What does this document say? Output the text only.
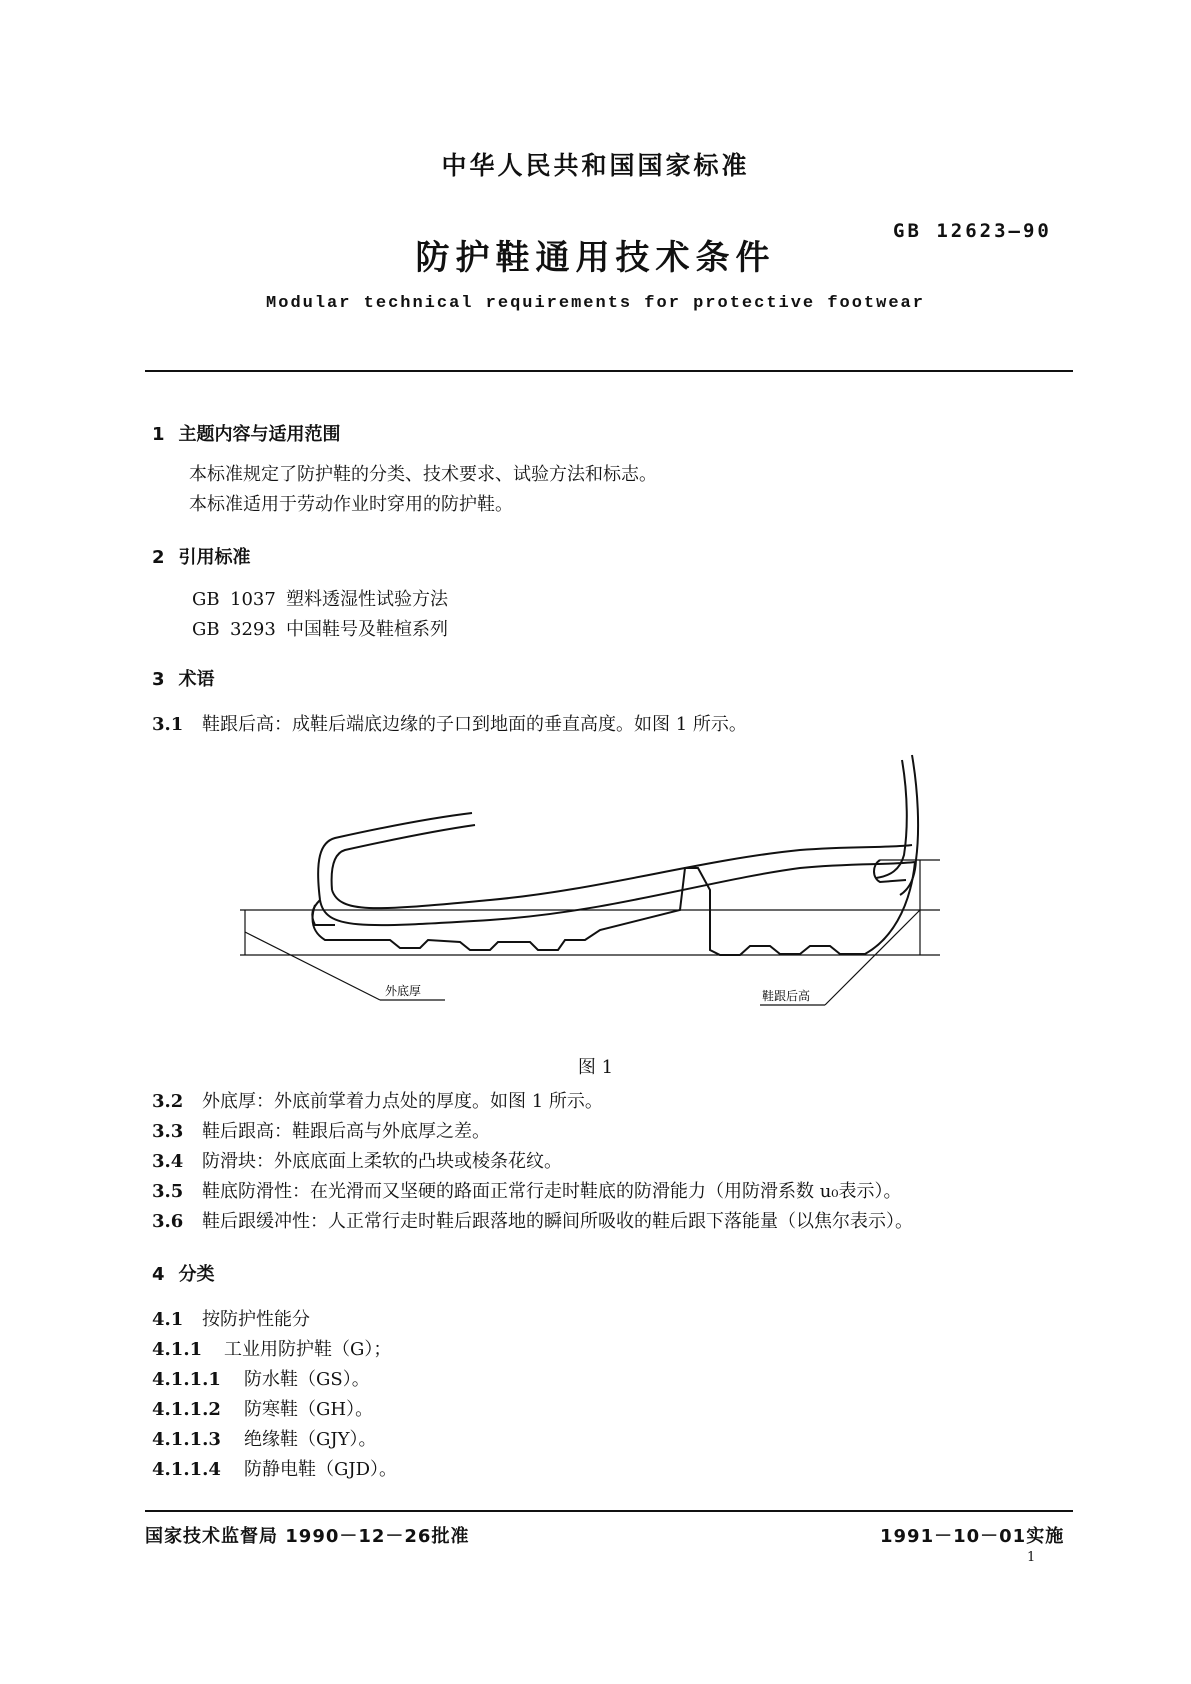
中华人民共和国国家标准
防护鞋通用技术条件
GB 12623—90
Modular technical requirements for protective footwear
1 主题内容与适用范围
本标准规定了防护鞋的分类、技术要求、试验方法和标志。
本标准适用于劳动作业时穿用的防护鞋。
2 引用标准
GB 1037 塑料透湿性试验方法
GB 3293 中国鞋号及鞋楦系列
3 术语
3.1 鞋跟后高：成鞋后端底边缘的子口到地面的垂直高度。如图 1 所示。
外底厚	鞋跟后高
图 1
3.2 外底厚：外底前掌着力点处的厚度。如图 1 所示。
3.3 鞋后跟高：鞋跟后高与外底厚之差。
3.4 防滑块：外底底面上柔软的凸块或棱条花纹。
3.5 鞋底防滑性：在光滑而又坚硬的路面正常行走时鞋底的防滑能力（用防滑系数 u₀表示）。
3.6 鞋后跟缓冲性：人正常行走时鞋后跟落地的瞬间所吸收的鞋后跟下落能量（以焦尔表示）。
4 分类
4.1 按防护性能分
4.1.1 工业用防护鞋（G）；
4.1.1.1 防水鞋（GS）。
4.1.1.2 防寒鞋（GH）。
4.1.1.3 绝缘鞋（GJY）。
4.1.1.4 防静电鞋（GJD）。
国家技术监督局 1990－12－26批准	1991－10－01实施
1
